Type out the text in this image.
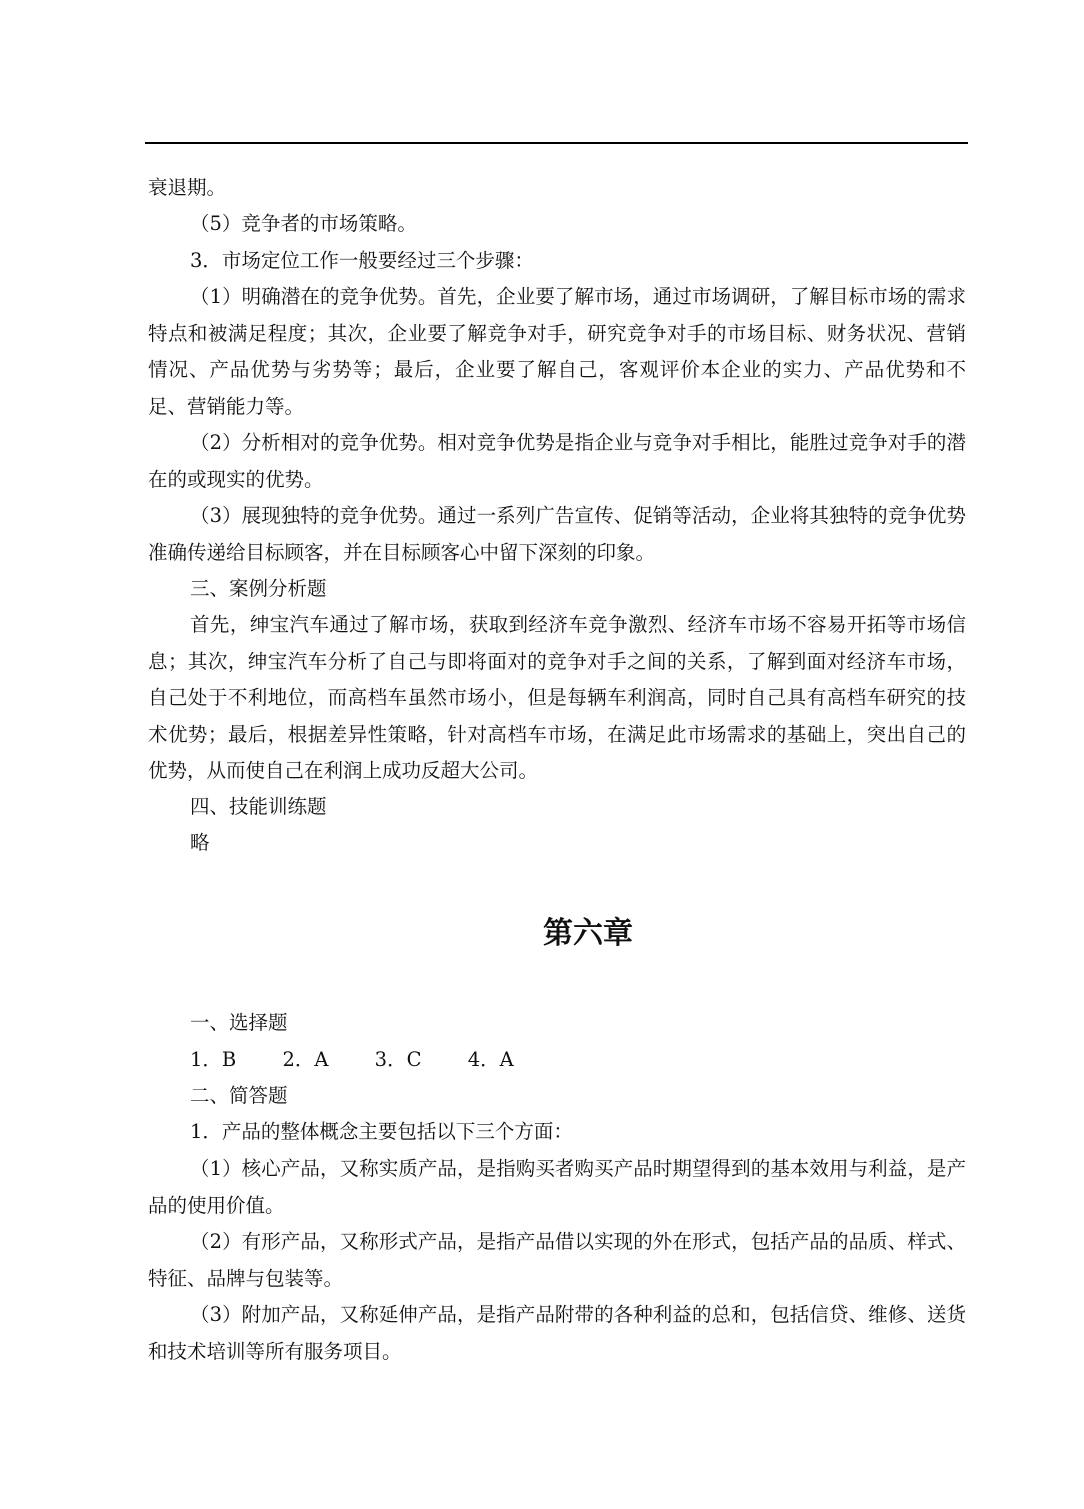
衰退期。
（5）竞争者的市场策略。
3．市场定位工作一般要经过三个步骤：
（1）明确潜在的竞争优势。首先，企业要了解市场，通过市场调研，了解目标市场的需求特点和被满足程度；其次，企业要了解竞争对手，研究竞争对手的市场目标、财务状况、营销情况、产品优势与劣势等；最后，企业要了解自己，客观评价本企业的实力、产品优势和不足、营销能力等。
（2）分析相对的竞争优势。相对竞争优势是指企业与竞争对手相比，能胜过竞争对手的潜在的或现实的优势。
（3）展现独特的竞争优势。通过一系列广告宣传、促销等活动，企业将其独特的竞争优势准确传递给目标顾客，并在目标顾客心中留下深刻的印象。
三、案例分析题
首先，绅宝汽车通过了解市场，获取到经济车竞争激烈、经济车市场不容易开拓等市场信息；其次，绅宝汽车分析了自己与即将面对的竞争对手之间的关系，了解到面对经济车市场，自己处于不利地位，而高档车虽然市场小，但是每辆车利润高，同时自己具有高档车研究的技术优势；最后，根据差异性策略，针对高档车市场，在满足此市场需求的基础上，突出自己的优势，从而使自己在利润上成功反超大公司。
四、技能训练题
略
第六章
一、选择题
1．B 2．A 3．C 4．A
二、简答题
1．产品的整体概念主要包括以下三个方面：
（1）核心产品，又称实质产品，是指购买者购买产品时期望得到的基本效用与利益，是产品的使用价值。
（2）有形产品，又称形式产品，是指产品借以实现的外在形式，包括产品的品质、样式、特征、品牌与包装等。
（3）附加产品，又称延伸产品，是指产品附带的各种利益的总和，包括信贷、维修、送货和技术培训等所有服务项目。
